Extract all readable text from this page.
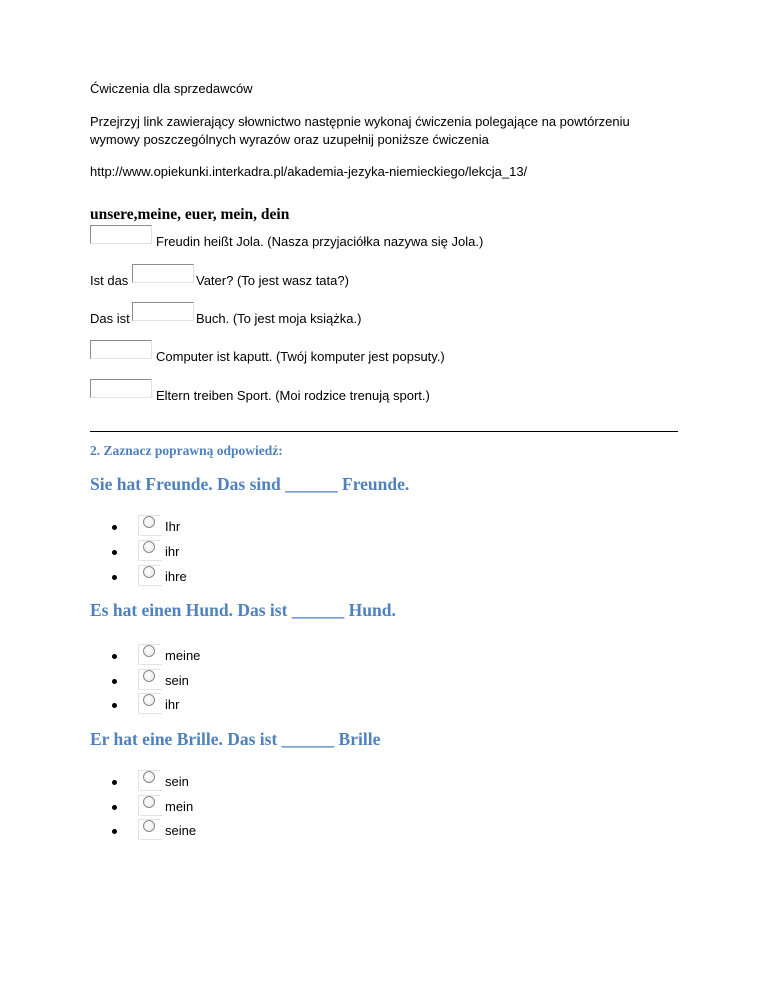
Ćwiczenia dla sprzedawców
Przejrzyj link zawierający słownictwo następnie wykonaj ćwiczenia polegające na powtórzeniu
wymowy poszczególnych wyrazów oraz uzupełnij poniższe ćwiczenia
http://www.opiekunki.interkadra.pl/akademia-jezyka-niemieckiego/lekcja_13/
unsere,meine, euer, mein, dein
Freudin heißt Jola. (Nasza przyjaciółka nazywa się Jola.)
Ist das	Vater? (To jest wasz tata?)
Das ist	Buch. (To jest moja książka.)
Computer ist kaputt. (Twój komputer jest popsuty.)
Eltern treiben Sport. (Moi rodzice trenują sport.)
2. Zaznacz poprawną odpowiedź:
Sie hat Freunde. Das sind ______ Freunde.
Ihr
ihr
ihre
Es hat einen Hund. Das ist ______ Hund.
meine
sein
ihr
Er hat eine Brille. Das ist ______ Brille
sein
mein
seine
